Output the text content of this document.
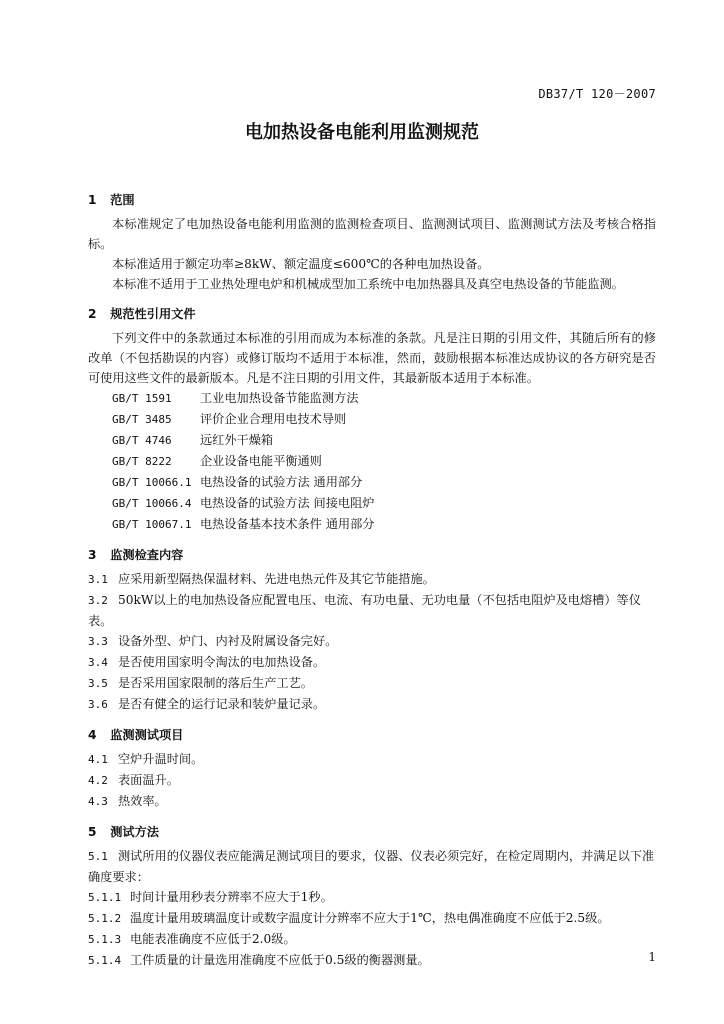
DB37/T 120－2007
电加热设备电能利用监测规范
1 范围

本标准规定了电加热设备电能利用监测的监测检查项目、监测测试项目、监测测试方法及考核合格指标。

本标准适用于额定功率≥8kW、额定温度≤600℃的各种电加热设备。

本标准不适用于工业热处理电炉和机械成型加工系统中电加热器具及真空电热设备的节能监测。

2 规范性引用文件

下列文件中的条款通过本标准的引用而成为本标准的条款。凡是注日期的引用文件，其随后所有的修改单（不包括勘误的内容）或修订版均不适用于本标准，然而，鼓励根据本标准达成协议的各方研究是否可使用这些文件的最新版本。凡是不注日期的引用文件，其最新版本适用于本标准。

GB/T 1591 工业电加热设备节能监测方法
GB/T 3485 评价企业合理用电技术导则
GB/T 4746 远红外干燥箱
GB/T 8222 企业设备电能平衡通则
GB/T 10066.1 电热设备的试验方法 通用部分
GB/T 10066.4 电热设备的试验方法 间接电阻炉
GB/T 10067.1 电热设备基本技术条件 通用部分
3 监测检查内容
3.1 应采用新型隔热保温材料、先进电热元件及其它节能措施。
3.2 50kW以上的电加热设备应配置电压、电流、有功电量、无功电量（不包括电阻炉及电熔槽）等仪表。
3.3 设备外型、炉门、内衬及附属设备完好。
3.4 是否使用国家明令淘汰的电加热设备。
3.5 是否采用国家限制的落后生产工艺。
3.6 是否有健全的运行记录和装炉量记录。
4 监测测试项目
4.1 空炉升温时间。
4.2 表面温升。
4.3 热效率。
5 测试方法
5.1 测试所用的仪器仪表应能满足测试项目的要求，仪器、仪表必须完好，在检定周期内，并满足以下准确度要求：
5.1.1 时间计量用秒表分辨率不应大于1秒。
5.1.2 温度计量用玻璃温度计或数字温度计分辨率不应大于1℃，热电偶准确度不应低于2.5级。
5.1.3 电能表准确度不应低于2.0级。
5.1.4 工件质量的计量选用准确度不应低于0.5级的衡器测量。	1
